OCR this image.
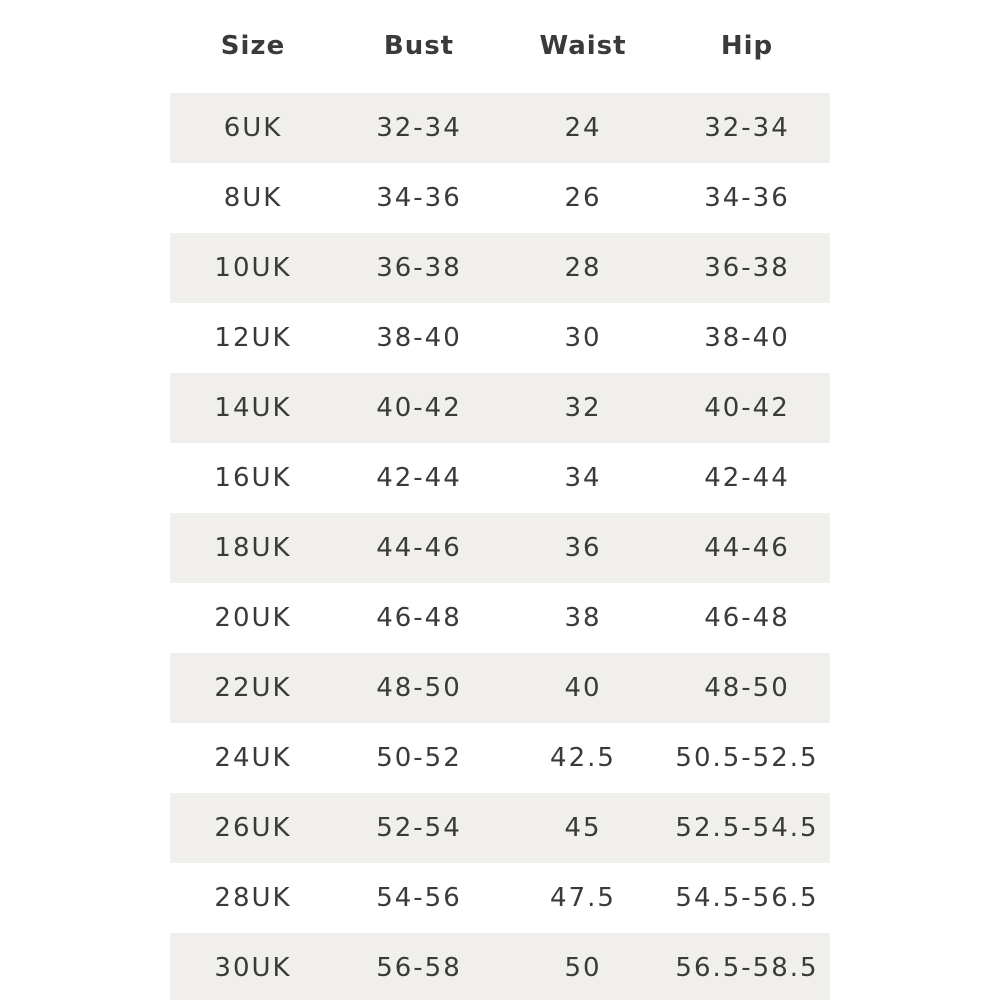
Size	Bust	Waist	Hip
6UK	32-34	24	32-34
8UK	34-36	26	34-36
10UK	36-38	28	36-38
12UK	38-40	30	38-40
14UK	40-42	32	40-42
16UK	42-44	34	42-44
18UK	44-46	36	44-46
20UK	46-48	38	46-48
22UK	48-50	40	48-50
24UK	50-52	42.5	50.5-52.5
26UK	52-54	45	52.5-54.5
28UK	54-56	47.5	54.5-56.5
30UK	56-58	50	56.5-58.5
